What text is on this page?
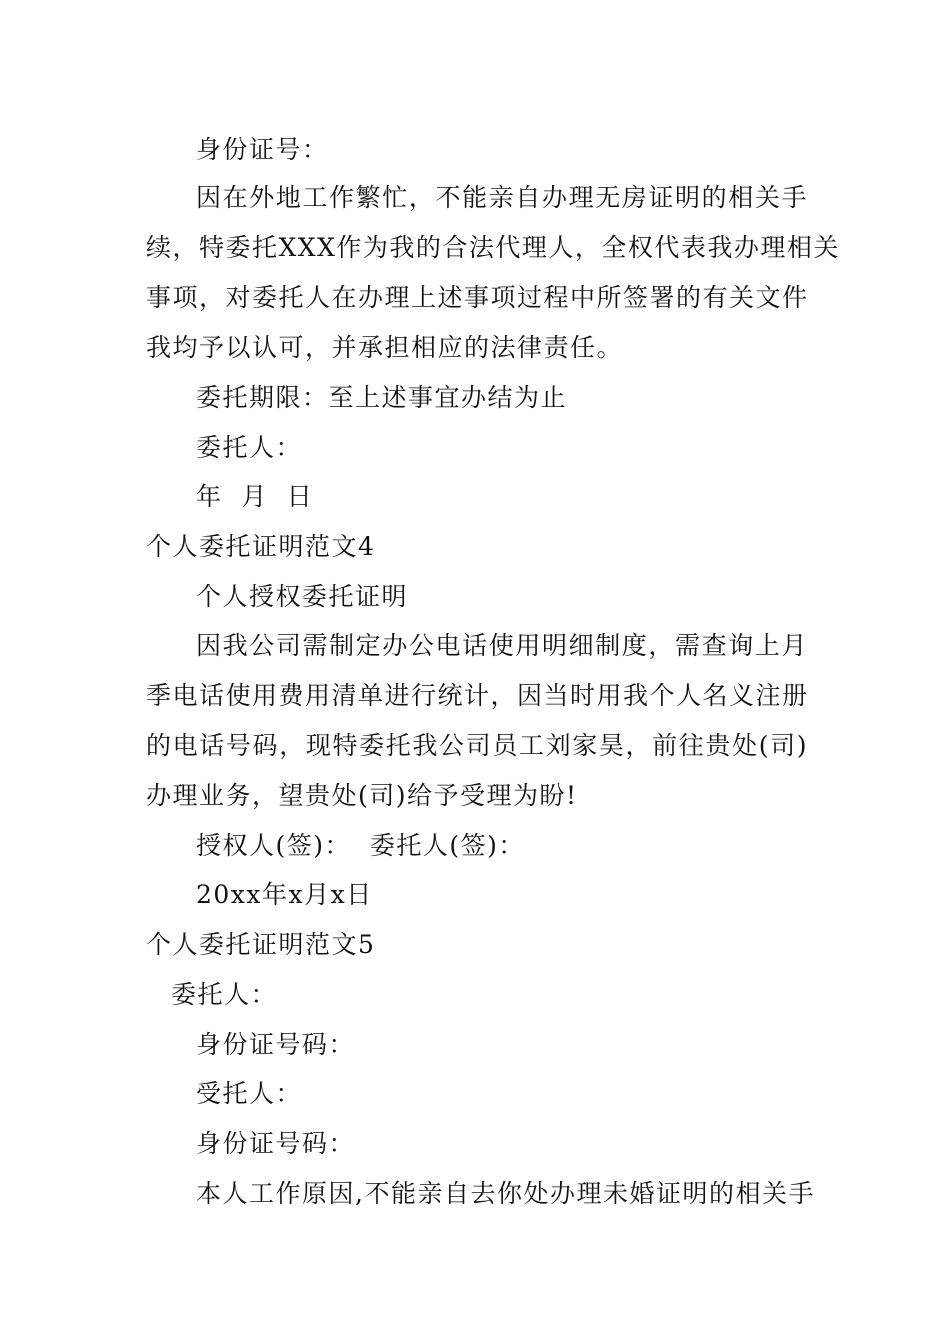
身份证号：
因在外地工作繁忙，不能亲自办理无房证明的相关手
续，特委托XXX作为我的合法代理人，全权代表我办理相关
事项，对委托人在办理上述事项过程中所签署的有关文件
我均予以认可，并承担相应的法律责任。
委托期限：至上述事宜办结为止
委托人：
年  月  日
个人委托证明范文4
个人授权委托证明
因我公司需制定办公电话使用明细制度，需查询上月
季电话使用费用清单进行统计，因当时用我个人名义注册
的电话号码，现特委托我公司员工刘家昊，前往贵处(司)
办理业务，望贵处(司)给予受理为盼!
授权人(签)：  委托人(签)：
20xx年x月x日
个人委托证明范文5
委托人：
身份证号码：
受托人：
身份证号码：
本人工作原因,不能亲自去你处办理未婚证明的相关手
